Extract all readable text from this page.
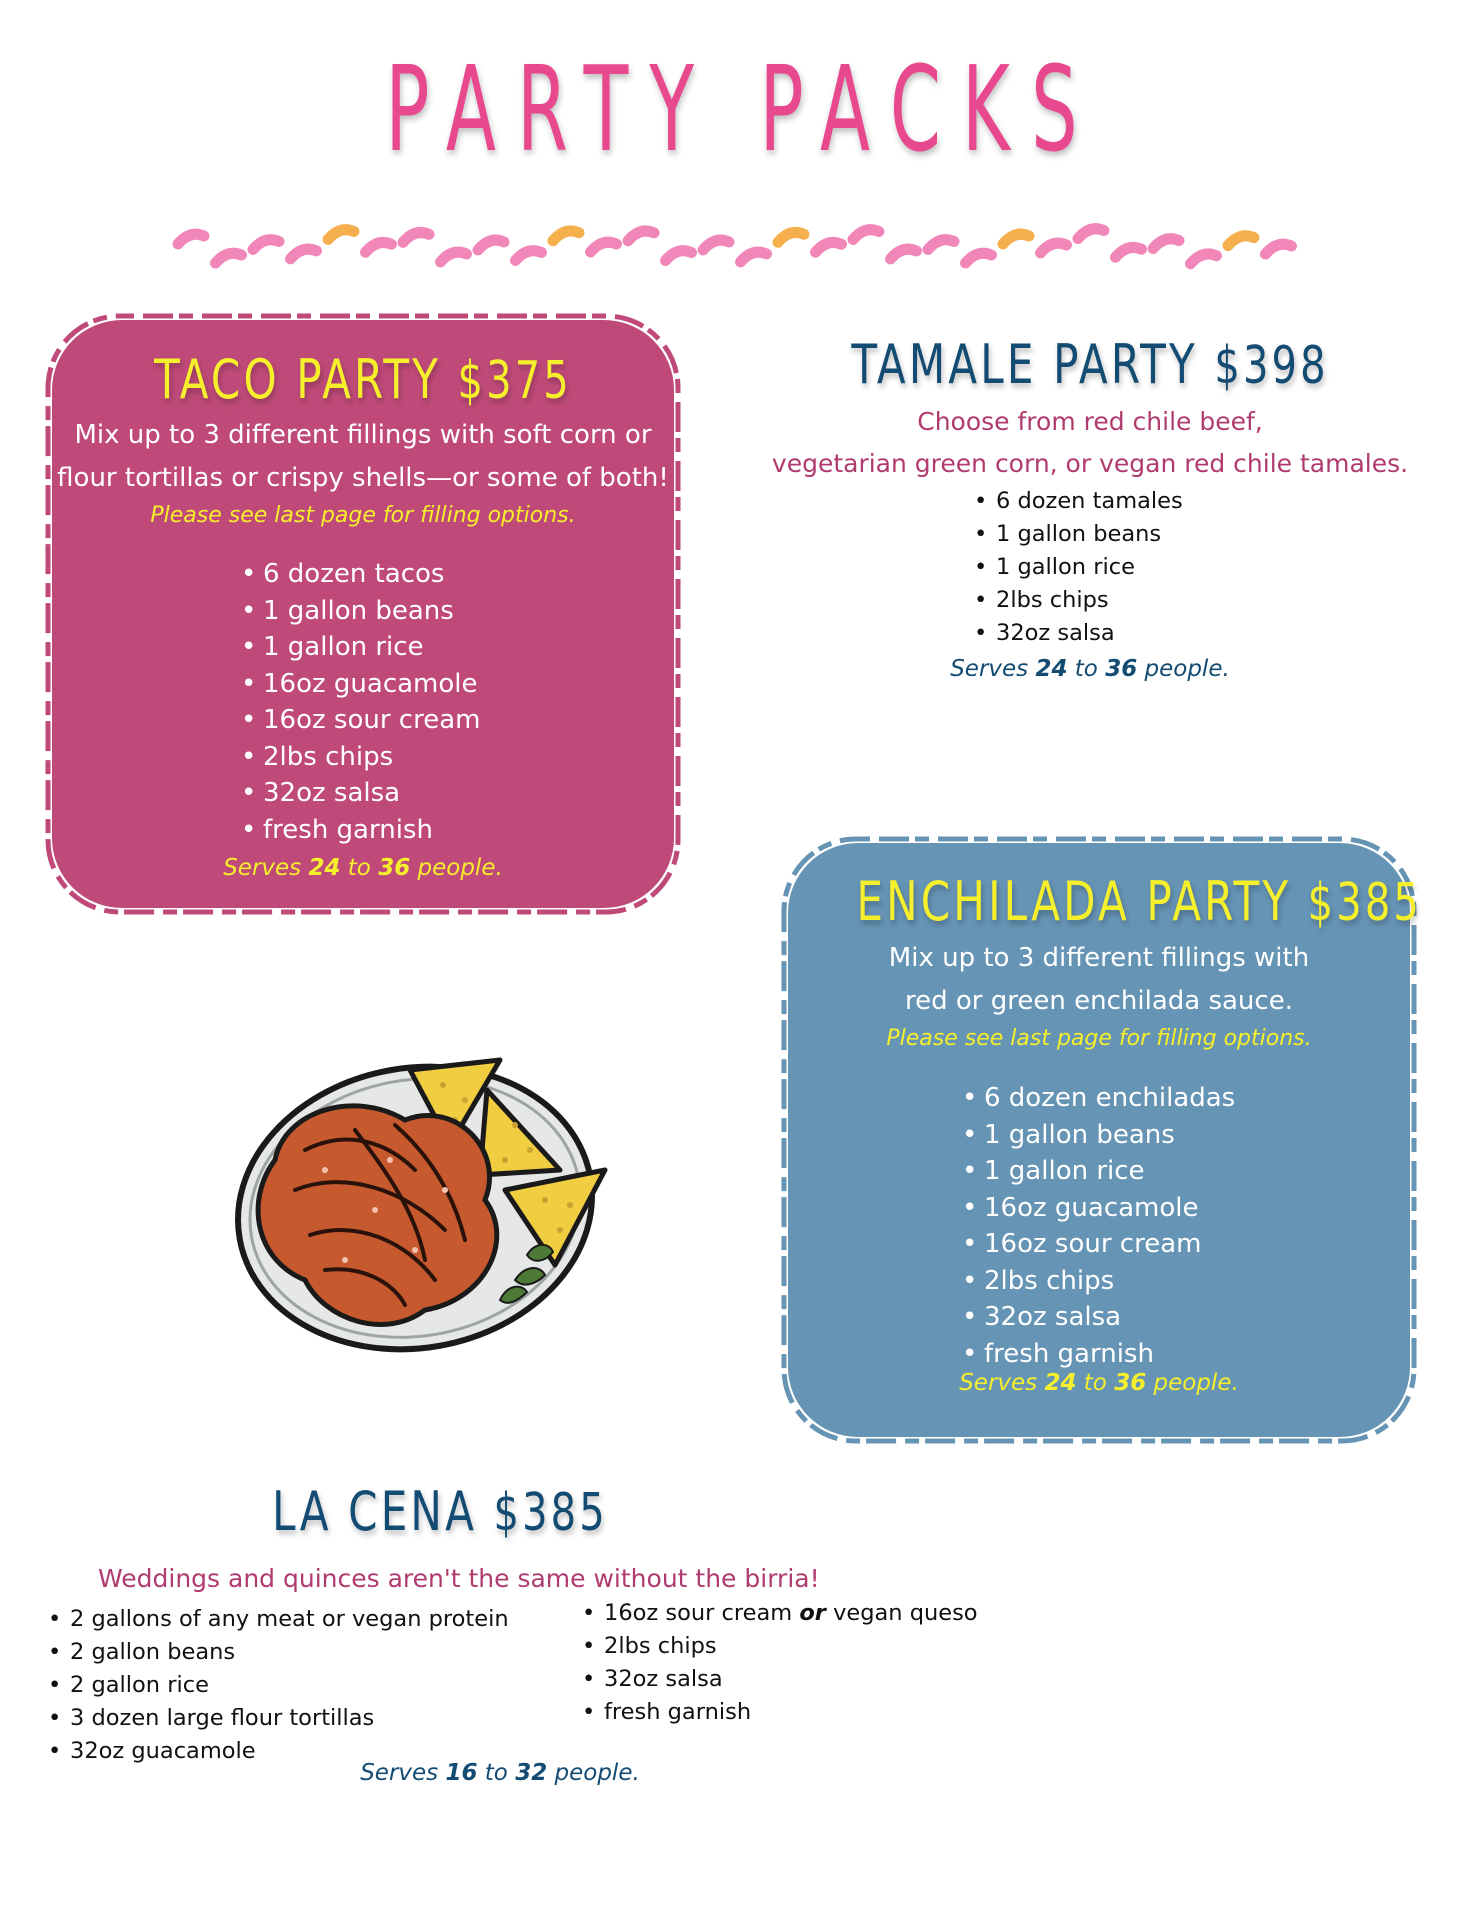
PARTY PACKS
TACO PARTY $375
Mix up to 3 different fillings with soft corn or
flour tortillas or crispy shells—or some of both!
Please see last page for filling options.
• 6 dozen tacos
• 1 gallon beans
• 1 gallon rice
• 16oz guacamole
• 16oz sour cream
• 2lbs chips
• 32oz salsa
• fresh garnish
Serves 24 to 36 people.
TAMALE PARTY $398
Choose from red chile beef,
vegetarian green corn, or vegan red chile tamales.
• 6 dozen tamales
• 1 gallon beans
• 1 gallon rice
• 2lbs chips
• 32oz salsa
Serves 24 to 36 people.
ENCHILADA PARTY $385
Mix up to 3 different fillings with
red or green enchilada sauce.
Please see last page for filling options.
• 6 dozen enchiladas
• 1 gallon beans
• 1 gallon rice
• 16oz guacamole
• 16oz sour cream
• 2lbs chips
• 32oz salsa
• fresh garnish
Serves 24 to 36 people.
LA CENA $385
Weddings and quinces aren't the same without the birria!
• 2 gallons of any meat or vegan protein
• 2 gallon beans
• 2 gallon rice
• 3 dozen large flour tortillas
• 32oz guacamole
• 16oz sour cream or vegan queso
• 2lbs chips
• 32oz salsa
• fresh garnish
Serves 16 to 32 people.
